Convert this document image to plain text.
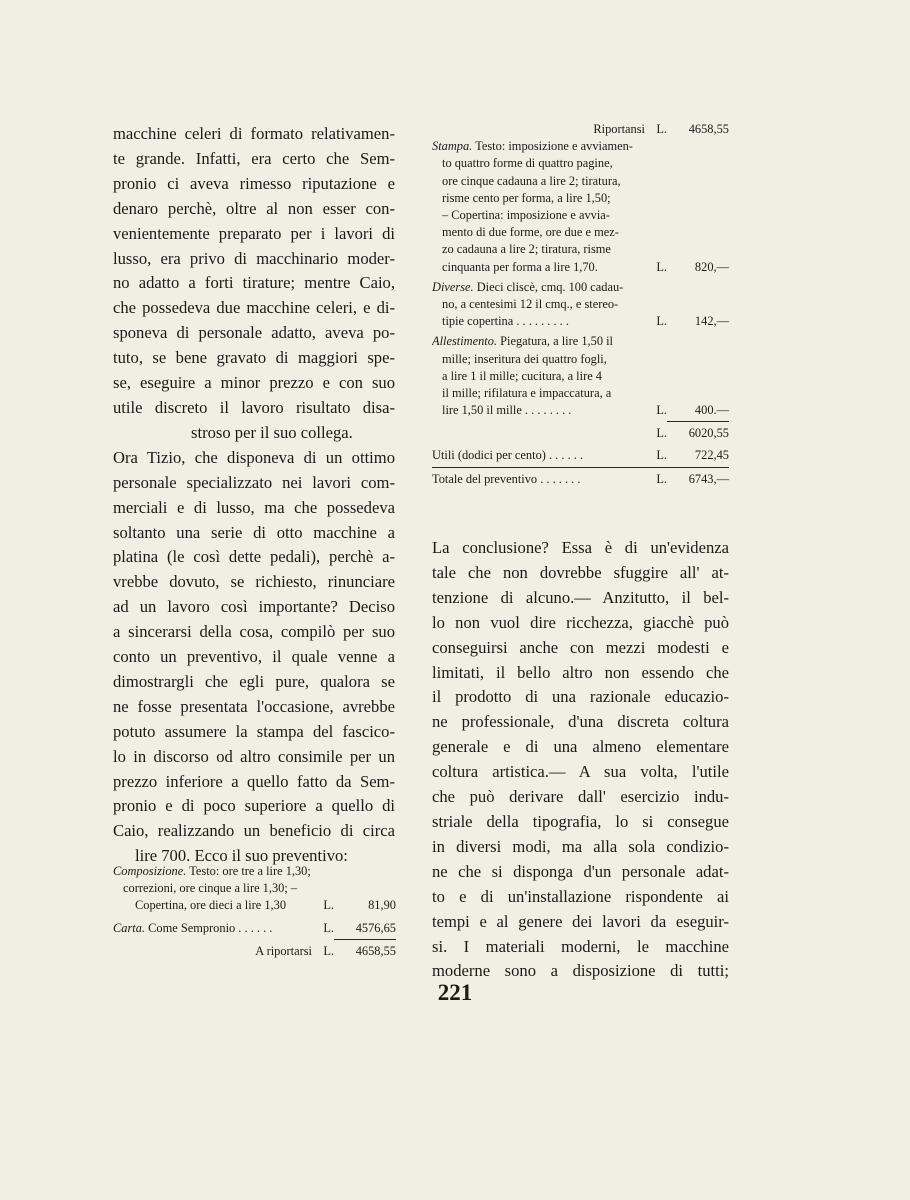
macchine celeri di formato relativamen-
te grande. Infatti, era certo che Sem-
pronio ci aveva rimesso riputazione e
denaro perchè, oltre al non esser con-
venientemente preparato per i lavori di
lusso, era privo di macchinario moder-
no adatto a forti tirature; mentre Caio,
che possedeva due macchine celeri, e di-
sponeva di personale adatto, aveva po-
tuto, se bene gravato di maggiori spe-
se, eseguire a minor prezzo e con suo
utile discreto il lavoro risultato disa-
stroso per il suo collega.
Ora Tizio, che disponeva di un ottimo
personale specializzato nei lavori com-
merciali e di lusso, ma che possedeva
soltanto una serie di otto macchine a
platina (le così dette pedali), perchè a-
vrebbe dovuto, se richiesto, rinunciare
ad un lavoro così importante? Deciso
a sincerarsi della cosa, compilò per suo
conto un preventivo, il quale venne a
dimostrargli che egli pure, qualora se
ne fosse presentata l'occasione, avrebbe
potuto assumere la stampa del fascico-
lo in discorso od altro consimile per un
prezzo inferiore a quello fatto da Sem-
pronio e di poco superiore a quello di
Caio, realizzando un beneficio di circa
lire 700. Ecco il suo preventivo:
Composizione. Testo: ore tre a lire 1,30;
correzioni, ore cinque a lire 1,30; –
Copertina, ore dieci a lire 1,30	L.	81,90
Carta. Come Sempronio . . . . . .	L.	4576,65
A riportarsi L.	4658,55
Riportansi L.	4658,55
Stampa. Testo: imposizione e avviamen-
to quattro forme di quattro pagine,
ore cinque cadauna a lire 2; tiratura,
risme cento per forma, a lire 1,50;
– Copertina: imposizione e avvia-
mento di due forme, ore due e mez-
zo cadauna a lire 2; tiratura, risme
cinquanta per forma a lire 1,70.	L.	820,—
Diverse. Dieci cliscè, cmq. 100 cadau-
no, a centesimi 12 il cmq., e stereo-
tipie copertina . . . . . . . . .	L.	142,—
Allestimento. Piegatura, a lire 1,50 il
mille; inseritura dei quattro fogli,
a lire 1 il mille; cucitura, a lire 4
il mille; rifilatura e impaccatura, a
lire 1,50 il mille . . . . . . . .	L.	400.—
L.	6020,55
Utili (dodici per cento) . . . . . .	L.	722,45
Totale del preventivo . . . . . . .	L.	6743,—
La conclusione? Essa è di un'evidenza
tale che non dovrebbe sfuggire all' at-
tenzione di alcuno.— Anzitutto, il bel-
lo non vuol dire ricchezza, giacchè può
conseguirsi anche con mezzi modesti e
limitati, il bello altro non essendo che
il prodotto di una razionale educazio-
ne professionale, d'una discreta coltura
generale e di una almeno elementare
coltura artistica.— A sua volta, l'utile
che può derivare dall' esercizio indu-
striale della tipografia, lo si consegue
in diversi modi, ma alla sola condizio-
ne che si disponga d'un personale adat-
to e di un'installazione rispondente ai
tempi e al genere dei lavori da eseguir-
si. I materiali moderni, le macchine
moderne sono a disposizione di tutti;
221
